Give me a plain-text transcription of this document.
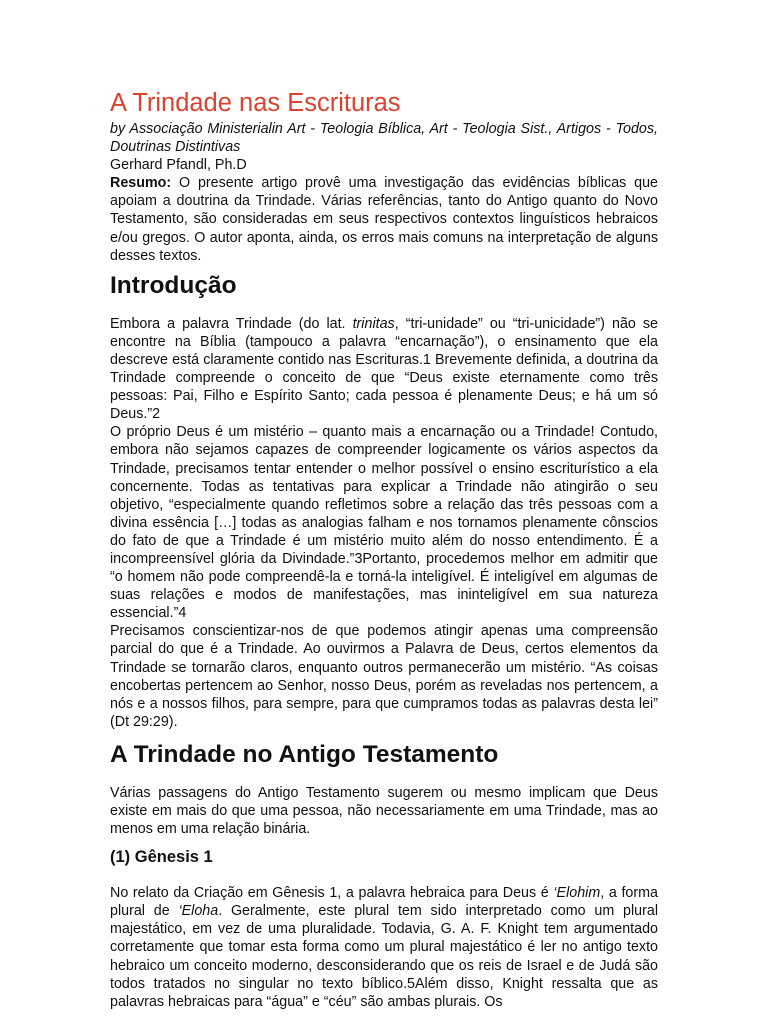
A Trindade nas Escrituras
by Associação Ministerialin Art - Teologia Bíblica, Art - Teologia Sist., Artigos - Todos, Doutrinas Distintivas
Gerhard Pfandl, Ph.D

Resumo: O presente artigo provê uma investigação das evidências bíblicas que apoiam a doutrina da Trindade. Várias referências, tanto do Antigo quanto do Novo Testamento, são consideradas em seus respectivos contextos linguísticos hebraicos e/ou gregos. O autor aponta, ainda, os erros mais comuns na interpretação de alguns desses textos.

Introdução

Embora a palavra Trindade (do lat. trinitas, “tri-unidade” ou “tri-unicidade”) não se encontre na Bíblia (tampouco a palavra “encarnação”), o ensinamento que ela descreve está claramente contido nas Escrituras.1 Brevemente definida, a doutrina da Trindade compreende o conceito de que “Deus existe eternamente como três pessoas: Pai, Filho e Espírito Santo; cada pessoa é plenamente Deus; e há um só Deus.”2

O próprio Deus é um mistério – quanto mais a encarnação ou a Trindade! Contudo, embora não sejamos capazes de compreender logicamente os vários aspectos da Trindade, precisamos tentar entender o melhor possível o ensino escriturístico a ela concernente. Todas as tentativas para explicar a Trindade não atingirão o seu objetivo, “especialmente quando refletimos sobre a relação das três pessoas com a divina essência […] todas as analogias falham e nos tornamos plenamente cônscios do fato de que a Trindade é um mistério muito além do nosso entendimento. É a incompreensível glória da Divindade.”3Portanto, procedemos melhor em admitir que “o homem não pode compreendê-la e torná-la inteligível. É inteligível em algumas de suas relações e modos de manifestações, mas ininteligível em sua natureza essencial.”4

Precisamos conscientizar-nos de que podemos atingir apenas uma compreensão parcial do que é a Trindade. Ao ouvirmos a Palavra de Deus, certos elementos da Trindade se tornarão claros, enquanto outros permanecerão um mistério. “As coisas encobertas pertencem ao Senhor, nosso Deus, porém as reveladas nos pertencem, a nós e a nossos filhos, para sempre, para que cumpramos todas as palavras desta lei” (Dt 29:29).

A Trindade no Antigo Testamento

Várias passagens do Antigo Testamento sugerem ou mesmo implicam que Deus existe em mais do que uma pessoa, não necessariamente em uma Trindade, mas ao menos em uma relação binária.

(1) Gênesis 1

No relato da Criação em Gênesis 1, a palavra hebraica para Deus é ‘Elohim, a forma plural de ‘Eloha. Geralmente, este plural tem sido interpretado como um plural majestático, em vez de uma pluralidade. Todavia, G. A. F. Knight tem argumentado corretamente que tomar esta forma como um plural majestático é ler no antigo texto hebraico um conceito moderno, desconsiderando que os reis de Israel e de Judá são todos tratados no singular no texto bíblico.5Além disso, Knight ressalta que as palavras hebraicas para “água” e “céu” são ambas plurais. Os
